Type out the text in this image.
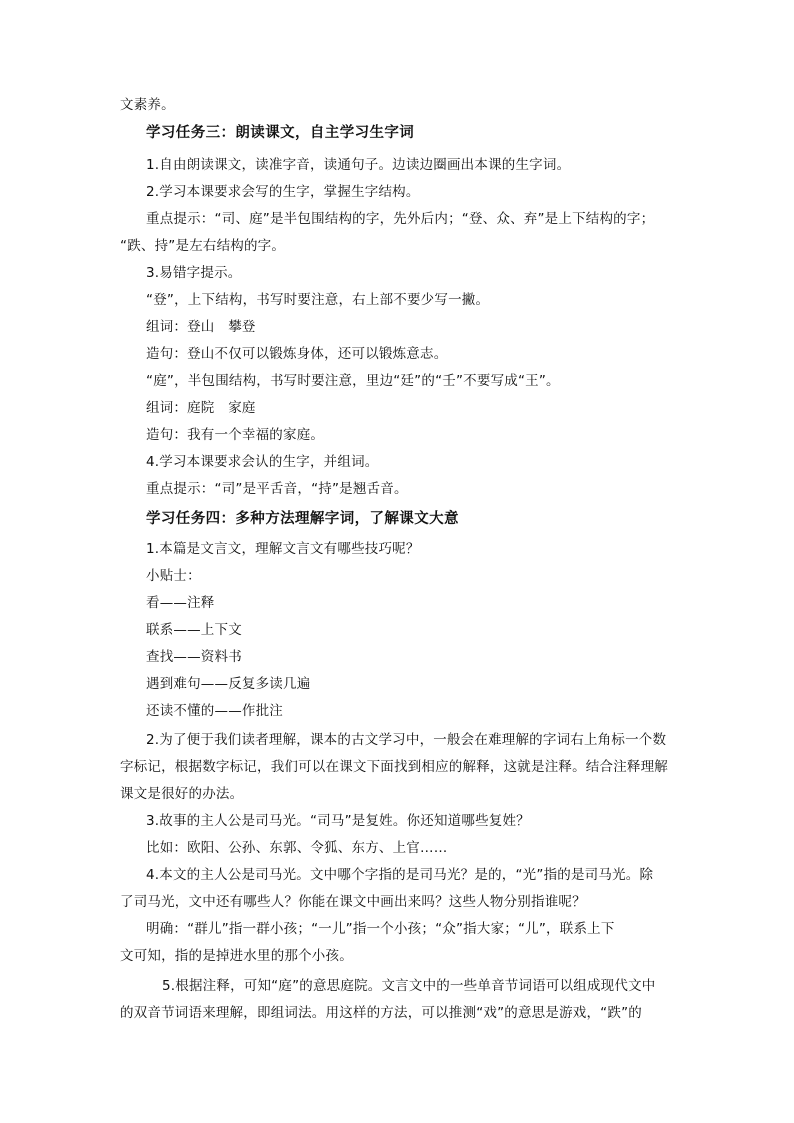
文素养。
学习任务三：朗读课文，自主学习生字词
1.自由朗读课文，读准字音，读通句子。边读边圈画出本课的生字词。
2.学习本课要求会写的生字，掌握生字结构。
重点提示：“司、庭”是半包围结构的字，先外后内；“登、众、弃”是上下结构的字；
“跌、持”是左右结构的字。
3.易错字提示。
“登”，上下结构，书写时要注意，右上部不要少写一撇。
组词：登山　攀登
造句：登山不仅可以锻炼身体，还可以锻炼意志。
“庭”，半包围结构，书写时要注意，里边“廷”的“壬”不要写成“王”。
组词：庭院　家庭
造句：我有一个幸福的家庭。
4.学习本课要求会认的生字，并组词。
重点提示：“司”是平舌音，“持”是翘舌音。
学习任务四：多种方法理解字词，了解课文大意
1.本篇是文言文，理解文言文有哪些技巧呢？
小贴士：
看——注释
联系——上下文
查找——资料书
遇到难句——反复多读几遍
还读不懂的——作批注
2.为了便于我们读者理解，课本的古文学习中，一般会在难理解的字词右上角标一个数
字标记，根据数字标记，我们可以在课文下面找到相应的解释，这就是注释。结合注释理解
课文是很好的办法。
3.故事的主人公是司马光。“司马”是复姓。你还知道哪些复姓？
比如：欧阳、公孙、东郭、令狐、东方、上官……
4.本文的主人公是司马光。文中哪个字指的是司马光？是的，“光”指的是司马光。除
了司马光，文中还有哪些人？你能在课文中画出来吗？这些人物分别指谁呢？
明确：“群儿”指一群小孩；“一儿”指一个小孩；“众”指大家；“儿”，联系上下
文可知，指的是掉进水里的那个小孩。
5.根据注释，可知“庭”的意思庭院。文言文中的一些单音节词语可以组成现代文中
的双音节词语来理解，即组词法。用这样的方法，可以推测“戏”的意思是游戏，“跌”的
